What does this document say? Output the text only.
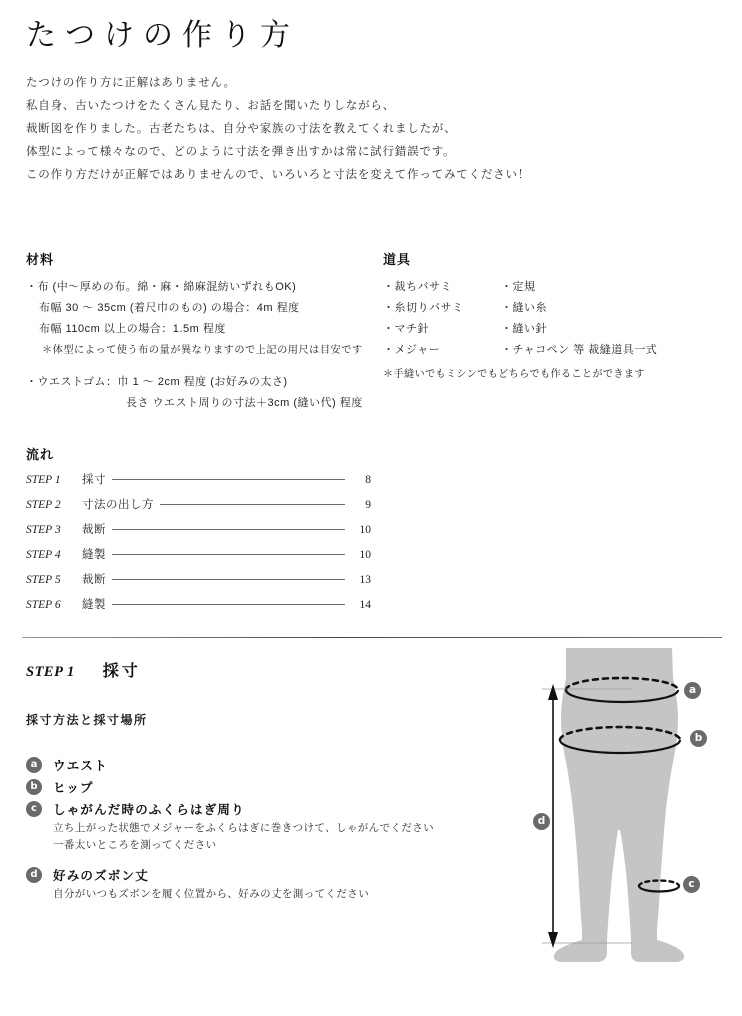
たつけの作り方
たつけの作り方に正解はありません。
私自身、古いたつけをたくさん見たり、お話を聞いたりしながら、
裁断図を作りました。古老たちは、自分や家族の寸法を教えてくれましたが、
体型によって様々なので、どのように寸法を弾き出すかは常に試行錯誤です。
この作り方だけが正解ではありませんので、いろいろと寸法を変えて作ってみてください！
材料
・布 (中〜厚めの布。綿・麻・綿麻混紡いずれもOK)
布幅 30 〜 35cm (着尺巾のもの) の場合：4m 程度
布幅 110cm 以上の場合：1.5m 程度
＊体型によって使う布の量が異なりますので上記の用尺は目安です
・ウエストゴム：巾 1 〜 2cm 程度 (お好みの太さ)
長さ ウエスト周りの寸法＋3cm (縫い代) 程度
道具
・裁ちバサミ	・定規
・糸切りバサミ	・縫い糸
・マチ針	・縫い針
・メジャー	・チャコペン 等 裁縫道具一式
＊手縫いでもミシンでもどちらでも作ることができます
流れ
STEP 1	採寸	8
STEP 2	寸法の出し方	9
STEP 3	裁断	10
STEP 4	縫製	10
STEP 5	裁断	13
STEP 6	縫製	14
STEP 1 採寸
採寸方法と採寸場所
a	ウエスト
b	ヒップ
c	しゃがんだ時のふくらはぎ周り
立ち上がった状態でメジャーをふくらはぎに巻きつけて、しゃがんでください
一番太いところを測ってください
d	好みのズボン丈
自分がいつもズボンを履く位置から、好みの丈を測ってください
a
b
c
d
